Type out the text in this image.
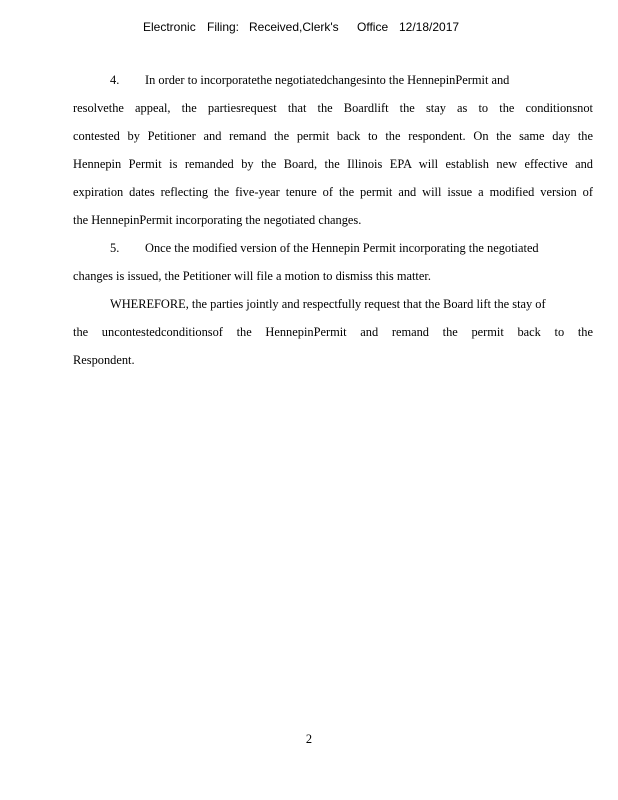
Electronic Filing: Received,Clerk's Office 12/18/2017
4. In order to incorporatethe negotiatedchangesinto the HennepinPermit and
resolvethe appeal, the partiesrequest that the Boardlift the stay as to the conditionsnot
contested by Petitioner and remand the permit back to the respondent. On the same day the
Hennepin Permit is remanded by the Board, the Illinois EPA will establish new effective and
expiration dates reflecting the five-year tenure of the permit and will issue a modified version of
the HennepinPermit incorporating the negotiated changes.
5. Once the modified version of the Hennepin Permit incorporating the negotiated
changes is issued, the Petitioner will file a motion to dismiss this matter.
WHEREFORE, the parties jointly and respectfully request that the Board lift the stay of
the uncontestedconditionsof the HennepinPermit and remand the permit back to the
Respondent.
2
